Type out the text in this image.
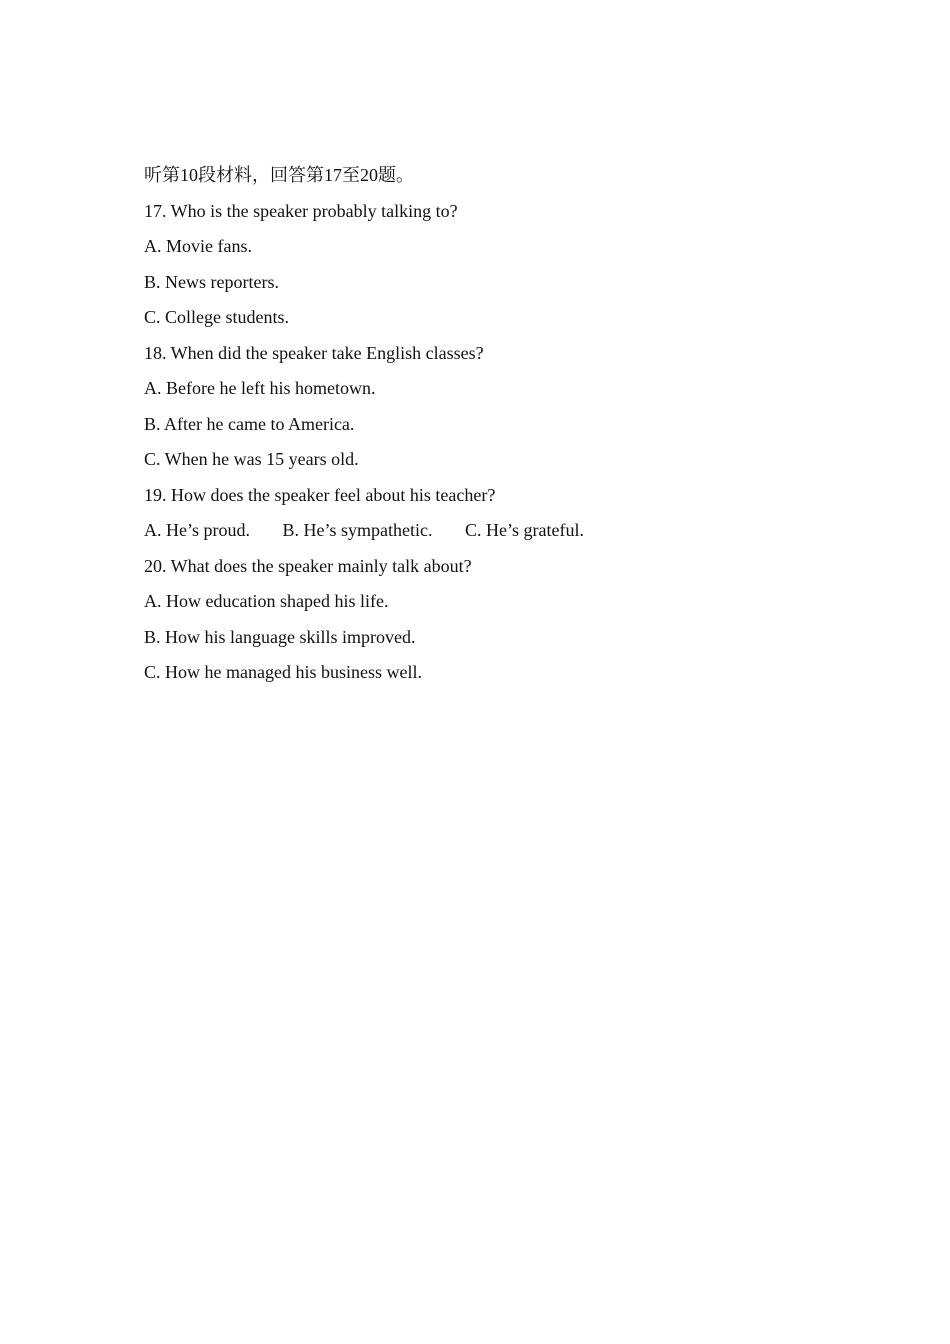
听第10段材料，回答第17至20题。
17. Who is the speaker probably talking to?
A. Movie fans.
B. News reporters.
C. College students.
18. When did the speaker take English classes?
A. Before he left his hometown.
B. After he came to America.
C. When he was 15 years old.
19. How does the speaker feel about his teacher?
A. He’s proud. B. He’s sympathetic. C. He’s grateful.
20. What does the speaker mainly talk about?
A. How education shaped his life.
B. How his language skills improved.
C. How he managed his business well.
